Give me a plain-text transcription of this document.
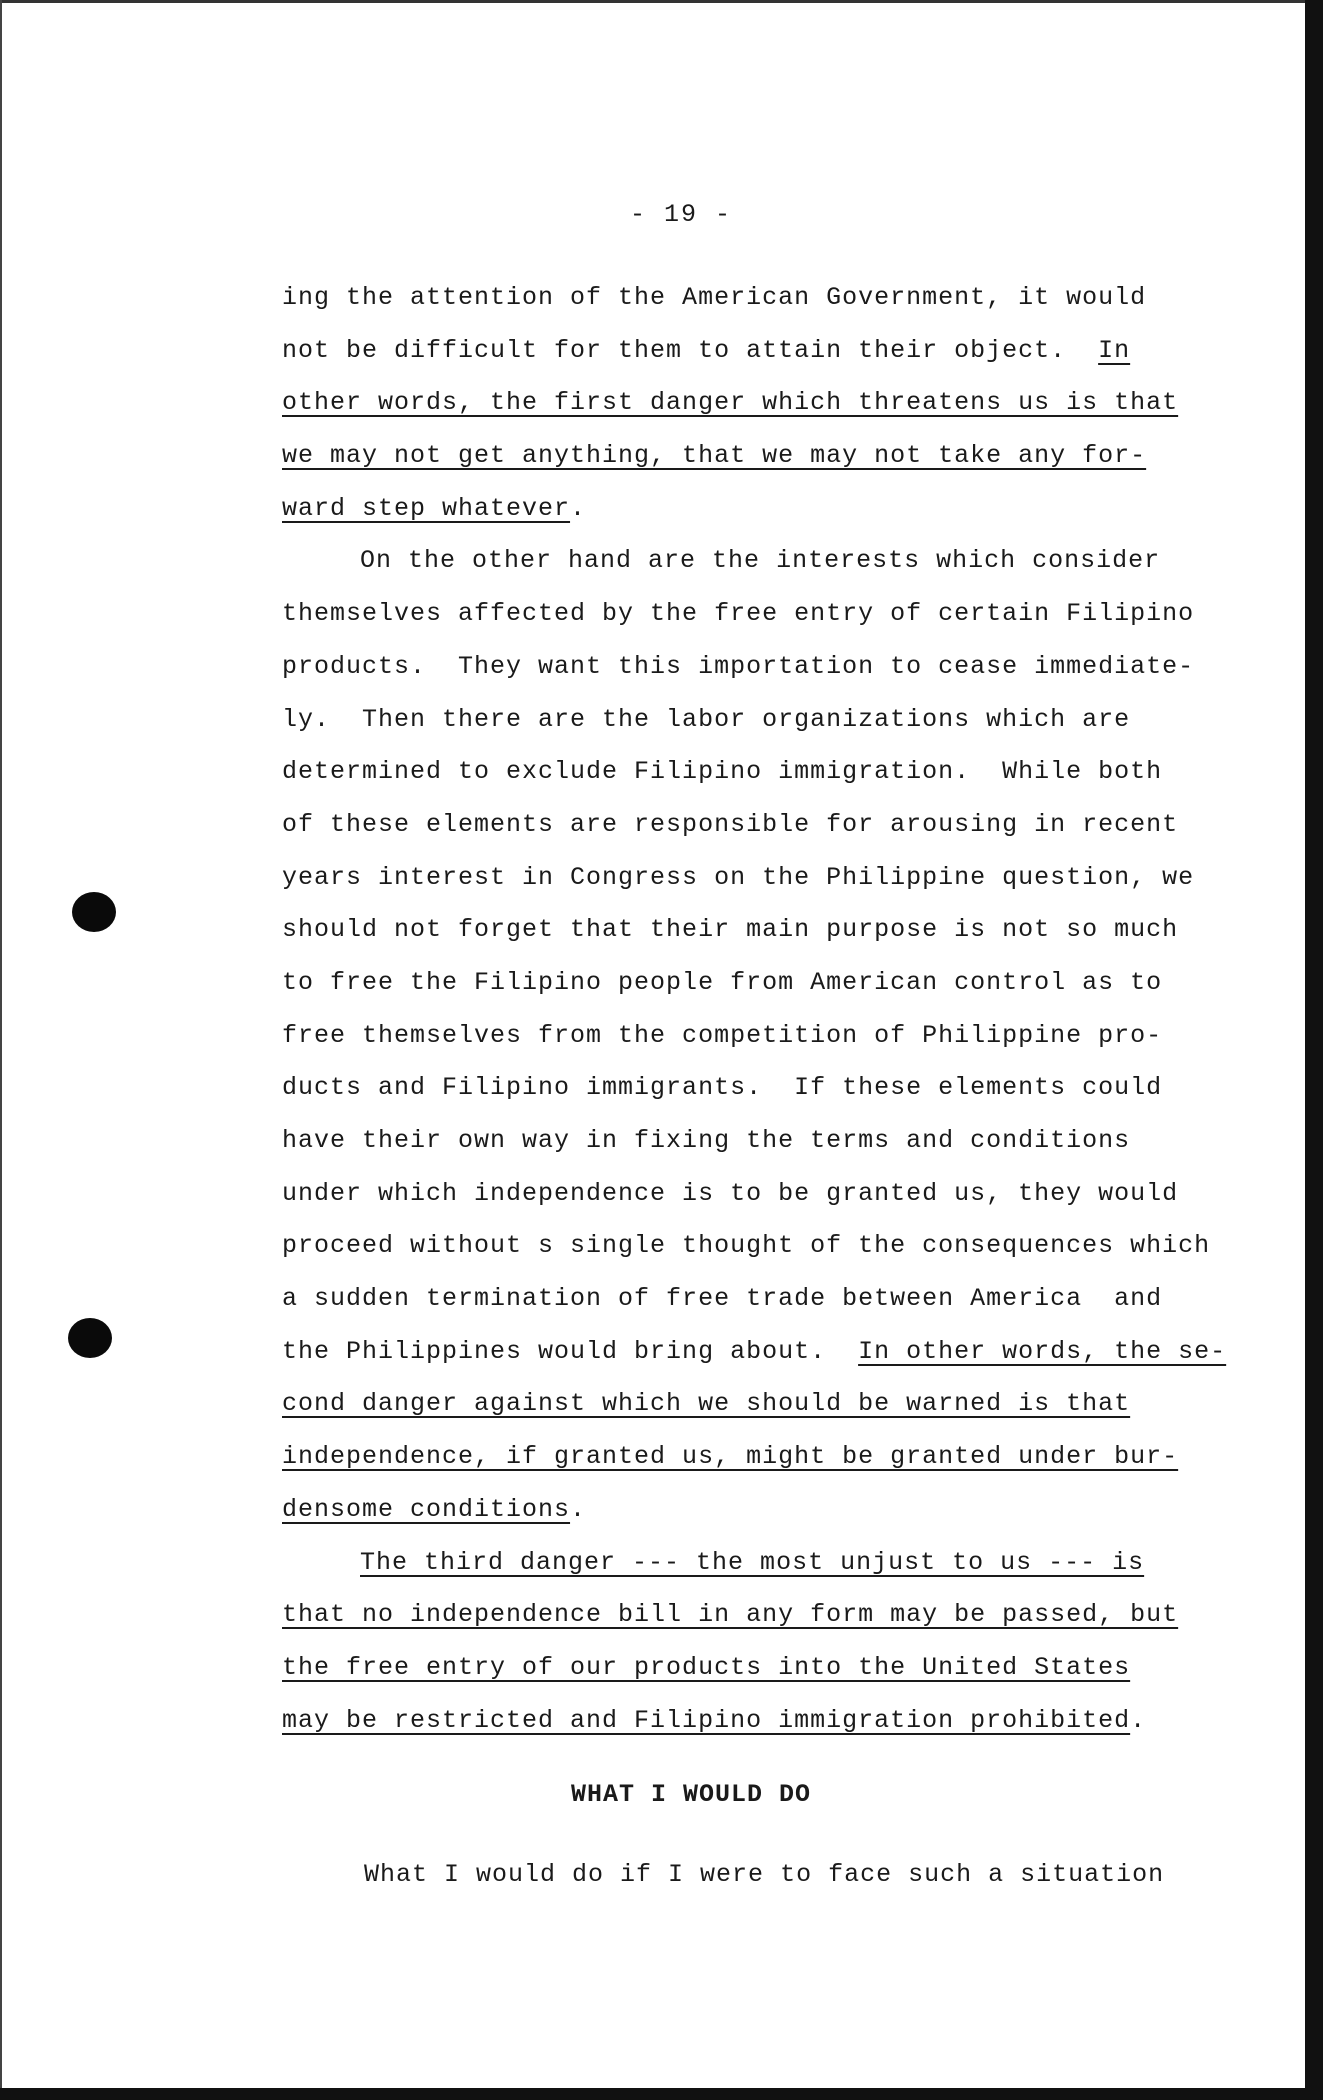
- 19 -
ing the attention of the American Government, it would
not be difficult for them to attain their object.  In
other words, the first danger which threatens us is that
we may not get anything, that we may not take any for-
ward step whatever.
On the other hand are the interests which consider
themselves affected by the free entry of certain Filipino
products.  They want this importation to cease immediate-
ly.  Then there are the labor organizations which are
determined to exclude Filipino immigration.  While both
of these elements are responsible for arousing in recent
years interest in Congress on the Philippine question, we
should not forget that their main purpose is not so much
to free the Filipino people from American control as to
free themselves from the competition of Philippine pro-
ducts and Filipino immigrants.  If these elements could
have their own way in fixing the terms and conditions
under which independence is to be granted us, they would
proceed without s single thought of the consequences which
a sudden termination of free trade between America  and
the Philippines would bring about.  In other words, the se-
cond danger against which we should be warned is that
independence, if granted us, might be granted under bur-
densome conditions.
The third danger --- the most unjust to us --- is
that no independence bill in any form may be passed, but
the free entry of our products into the United States
may be restricted and Filipino immigration prohibited.
WHAT I WOULD DO
What I would do if I were to face such a situation
